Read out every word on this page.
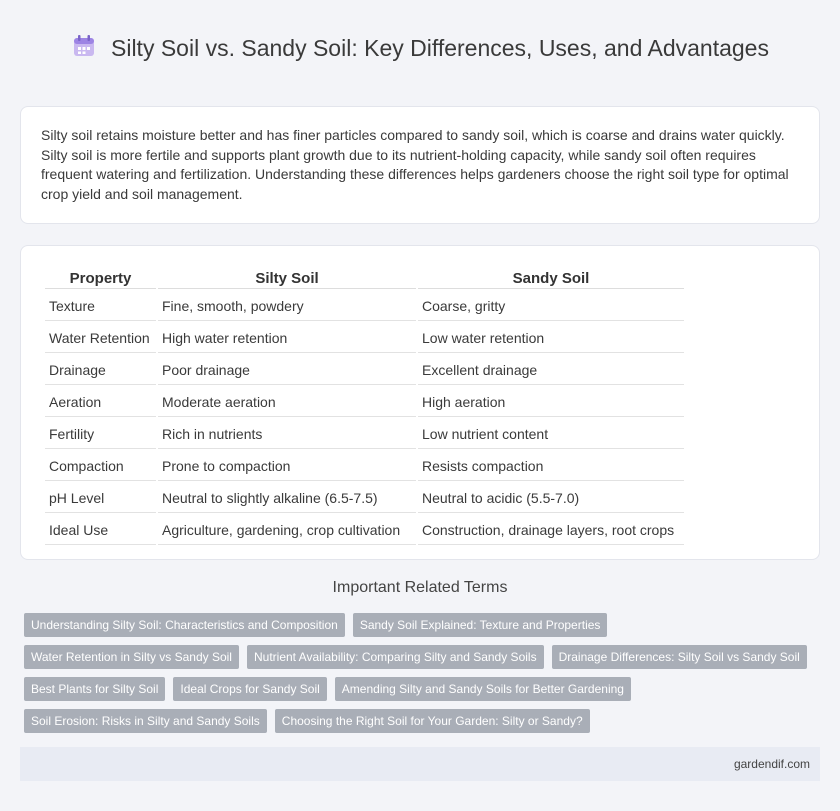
Silty Soil vs. Sandy Soil: Key Differences, Uses, and Advantages

Silty soil retains moisture better and has finer particles compared to sandy soil, which is coarse and drains water quickly. Silty soil is more fertile and supports plant growth due to its nutrient-holding capacity, while sandy soil often requires frequent watering and fertilization. Understanding these differences helps gardeners choose the right soil type for optimal crop yield and soil management.

Property	Silty Soil	Sandy Soil
Texture	Fine, smooth, powdery	Coarse, gritty
Water Retention	High water retention	Low water retention
Drainage	Poor drainage	Excellent drainage
Aeration	Moderate aeration	High aeration
Fertility	Rich in nutrients	Low nutrient content
Compaction	Prone to compaction	Resists compaction
pH Level	Neutral to slightly alkaline (6.5-7.5)	Neutral to acidic (5.5-7.0)
Ideal Use	Agriculture, gardening, crop cultivation	Construction, drainage layers, root crops
Important Related Terms
Understanding Silty Soil: Characteristics and Composition	Sandy Soil Explained: Texture and Properties
Water Retention in Silty vs Sandy Soil	Nutrient Availability: Comparing Silty and Sandy Soils	Drainage Differences: Silty Soil vs Sandy Soil
Best Plants for Silty Soil	Ideal Crops for Sandy Soil	Amending Silty and Sandy Soils for Better Gardening
Soil Erosion: Risks in Silty and Sandy Soils	Choosing the Right Soil for Your Garden: Silty or Sandy?
gardendif.com
